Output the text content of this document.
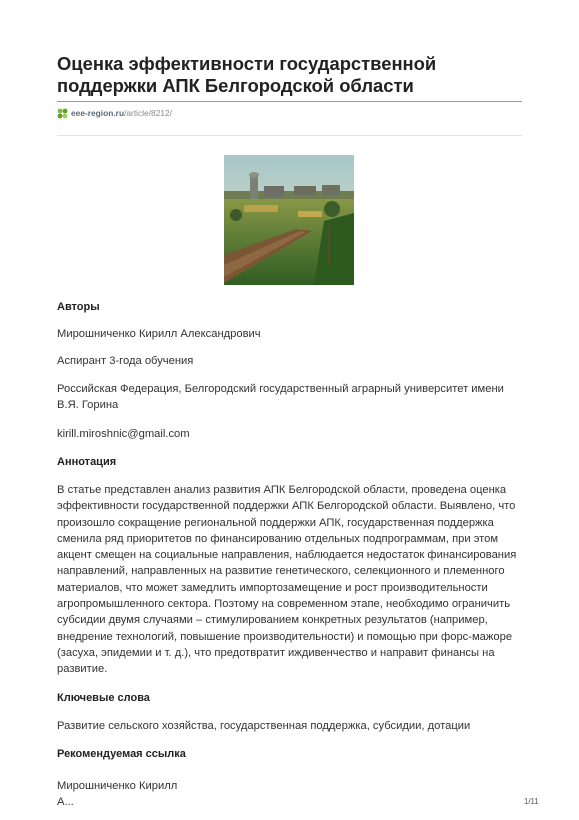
Оценка эффективности государственной поддержки АПК Белгородской области
eee-region.ru /article/8212/
Авторы

Мирошниченко Кирилл Александрович

Аспирант 3-года обучения

Российская Федерация, Белгородский государственный аграрный университет имени В.Я. Горина

kirill.miroshnic@gmail.com

Аннотация

В статье представлен анализ развития АПК Белгородской области, проведена оценка эффективности государственной поддержки АПК Белгородской области. Выявлено, что произошло сокращение региональной поддержки АПК, государственная поддержка сменила ряд приоритетов по финансированию отдельных подпрограммам, при этом акцент смещен на социальные направления, наблюдается недостаток финансирования направлений, направленных на развитие генетического, селекционного и племенного материалов, что может замедлить импортозамещение и рост производительности агропромышленного сектора. Поэтому на современном этапе, необходимо ограничить субсидии двумя случаями – стимулированием конкретных результатов (например, внедрение технологий, повышение производительности) и помощью при форс-мажоре (засуха, эпидемии и т. д.), что предотвратит иждивенчество и направит финансы на развитие.

Ключевые слова

Развитие сельского хозяйства, государственная поддержка, субсидии, дотации

Рекомендуемая ссылка
Мирошниченко Кирилл А...	1/11
